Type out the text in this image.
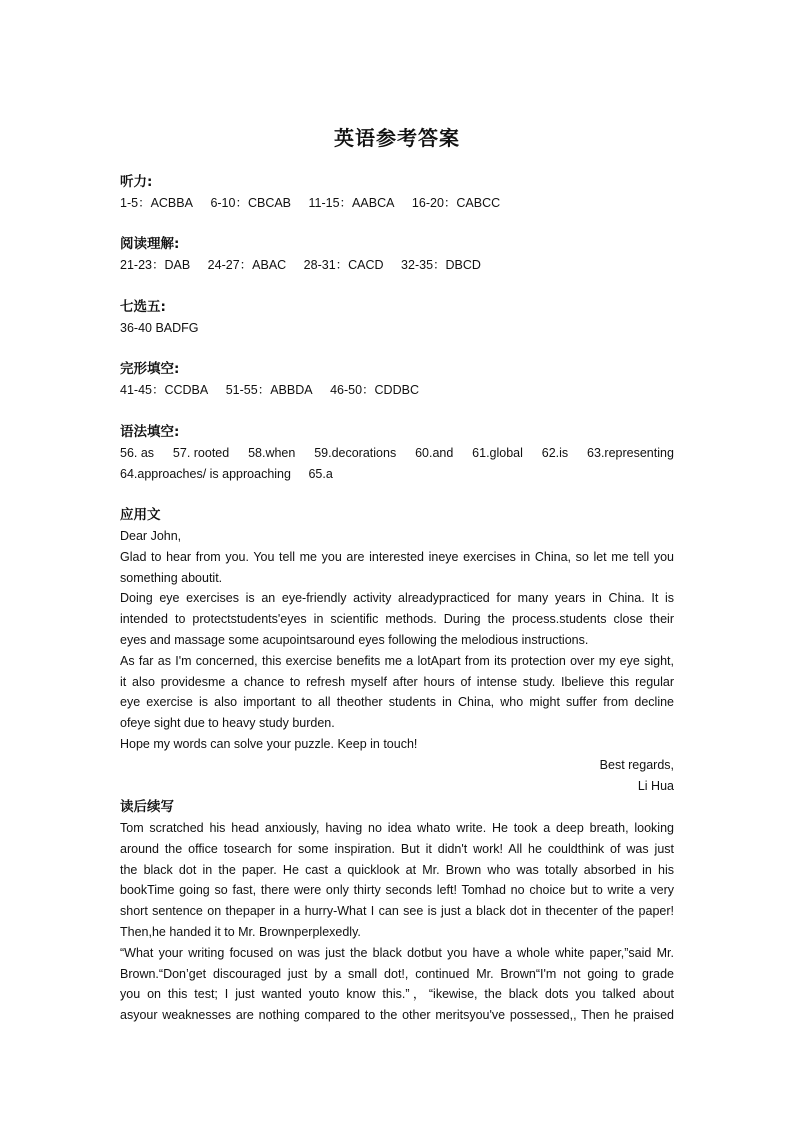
英语参考答案
听力:
1-5：ACBBA 6-10：CBCAB 11-15：AABCA 16-20：CABCC
阅读理解:
21-23：DAB 24-27：ABAC 28-31：CACD 32-35：DBCD
七选五:
36-40 BADFG
完形填空:
41-45：CCDBA 51-55：ABBDA 46-50：CDDBC
语法填空:
56. as 57. rooted 58.when 59.decorations 60.and 61.global 62.is 63.representing
64.approaches/ is approaching 65.a
应用文
Dear John,
Glad to hear from you. You tell me you are interested ineye exercises in China, so let me tell you
something aboutit.
Doing eye exercises is an eye-friendly activity alreadypracticed for many years in China. It is
intended to protectstudents'eyes in scientific methods. During the process.students close their
eyes and massage some acupointsaround eyes following the melodious instructions.
As far as I'm concerned, this exercise benefits me a lotApart from its protection over my eye sight,
it also providesme a chance to refresh myself after hours of intense study. Ibelieve this regular
eye exercise is also important to all theother students in China, who might suffer from decline
ofeye sight due to heavy study burden.
Hope my words can solve your puzzle. Keep in touch!
Best regards,
Li Hua
读后续写
Tom scratched his head anxiously, having no idea whato write. He took a deep breath, looking
around the office tosearch for some inspiration. But it didn't work! All he couldthink of was just
the black dot in the paper. He cast a quicklook at Mr. Brown who was totally absorbed in his
bookTime going so fast, there were only thirty seconds left! Tomhad no choice but to write a very
short sentence on thepaper in a hurry-What I can see is just a black dot in thecenter of the paper!
Then,he handed it to Mr. Brownperplexedly.
“What your writing focused on was just the black dotbut you have a whole white paper,”said Mr.
Brown.“Don’get discouraged just by a small dot!, continued Mr. Brown“I'm not going to grade
you on this test; I just wanted youto know this.”，“ikewise, the black dots you talked about
asyour weaknesses are nothing compared to the other meritsyou've possessed,, Then he praised
